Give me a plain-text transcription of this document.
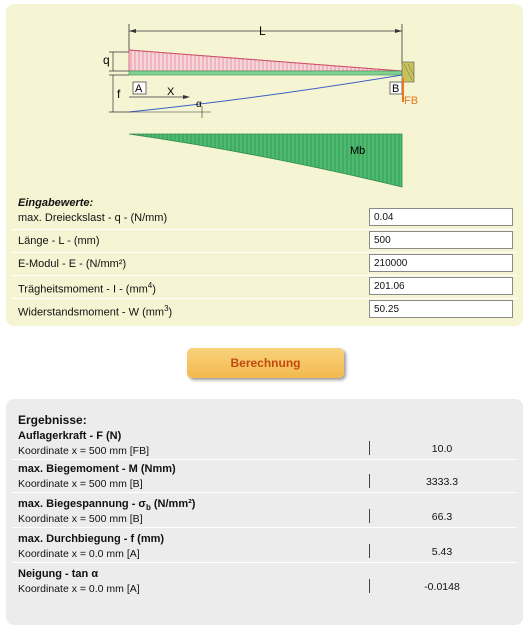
L
q
f A X
α
B
FB
Mb
Eingabewerte:
max. Dreieckslast - q - (N/mm)	0.04
Länge - L - (mm)	500
E-Modul - E - (N/mm²)	210000
Trägheitsmoment - I - $(mm^4)$	201.06
Widerstandsmoment - W $(mm^3)$	50.25
Berechnung
Ergebnisse:
Auflagerkraft - F (N)
Koordinate x = 500 mm [FB]	10.0
max. Biegemoment - M (Nmm)
Koordinate x = 500 mm [B]	3333.3
max. Biegespannung - $\sigma_b$ (N/mm²)
Koordinate x = 500 mm [B]	66.3
max. Durchbiegung - f (mm)
Koordinate x = 0.0 mm [A]	5.43
Neigung - tan α
Koordinate x = 0.0 mm [A]	-0.0148
